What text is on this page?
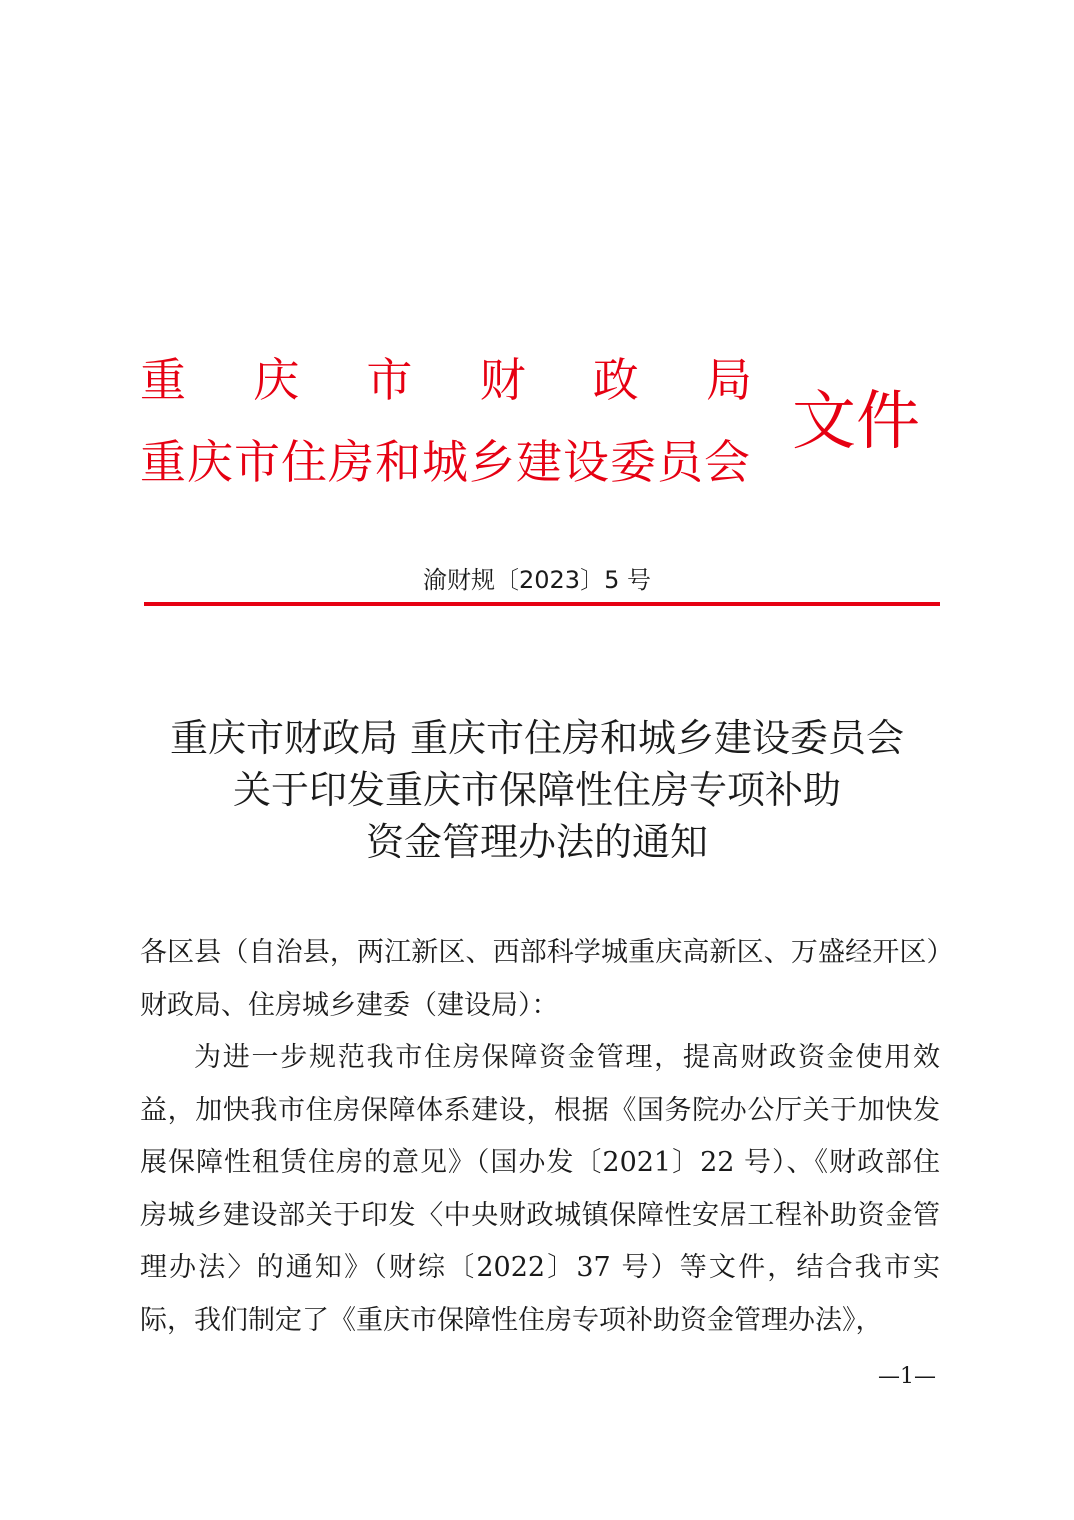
重 庆 市 财 政 局
重庆市住房和城乡建设委员会
文件
渝财规〔2023〕5 号
重庆市财政局 重庆市住房和城乡建设委员会
关于印发重庆市保障性住房专项补助
资金管理办法的通知

各区县（自治县，两江新区、西部科学城重庆高新区、万盛经开区）财政局、住房城乡建委（建设局）：

为进一步规范我市住房保障资金管理，提高财政资金使用效益，加快我市住房保障体系建设，根据《国务院办公厅关于加快发展保障性租赁住房的意见》（国办发〔2021〕22 号）、《财政部住房城乡建设部关于印发〈中央财政城镇保障性安居工程补助资金管理办法〉的通知》（财综〔2022〕37 号）等文件，结合我市实际，我们制定了《重庆市保障性住房专项补助资金管理办法》，

—1—
